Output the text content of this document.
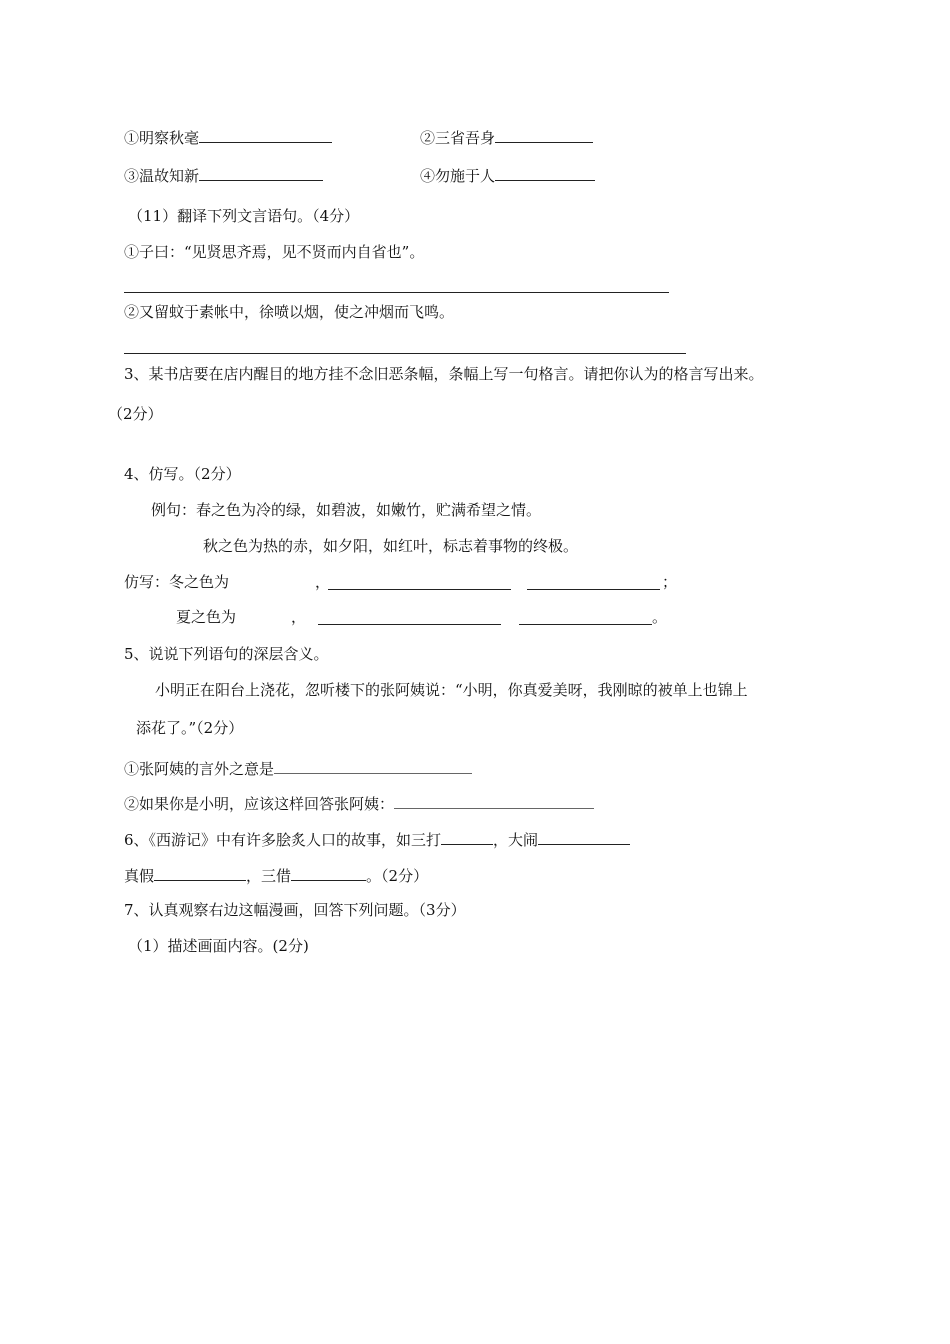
①明察秋毫	②三省吾身
③温故知新	④勿施于人
（11）翻译下列文言语句。（4分）
①子曰：“见贤思齐焉，见不贤而内自省也”。
②又留蚊于素帐中，徐喷以烟，使之冲烟而飞鸣。
3、某书店要在店内醒目的地方挂不念旧恶条幅，条幅上写一句格言。请把你认为的格言写出来。
（2分）
4、仿写。（2分）
例句：春之色为冷的绿，如碧波，如嫩竹，贮满希望之情。
秋之色为热的赤，如夕阳，如红叶，标志着事物的终极。
仿写：冬之色为	，	；
夏之色为	，	。
5、说说下列语句的深层含义。
小明正在阳台上浇花，忽听楼下的张阿姨说：“小明，你真爱美呀，我刚晾的被单上也锦上
添花了。”（2分）
①张阿姨的言外之意是
②如果你是小明，应该这样回答张阿姨：
6、《西游记》中有许多脍炙人口的故事，如三打	，大闹
真假	，三借	。（2分）
7、认真观察右边这幅漫画，回答下列问题。（3分）
（1）描述画面内容。(2分)
